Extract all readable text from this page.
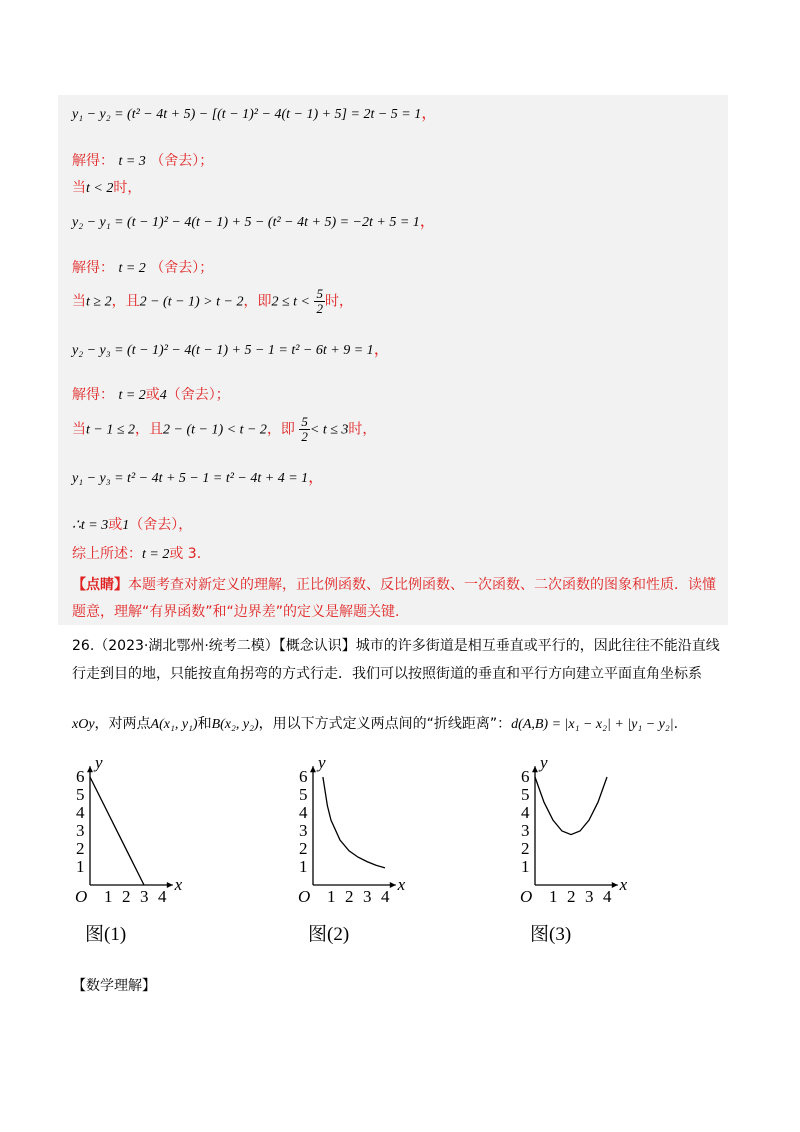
y₁ − y₂ = (t² − 4t + 5) − [(t − 1)² − 4(t − 1) + 5] = 2t − 5 = 1，
解得： t = 3 （舍去）；
当t < 2时，
y₂ − y₁ = (t − 1)² − 4(t − 1) + 5 − (t² − 4t + 5) = −2t + 5 = 1，
解得： t = 2 （舍去）；
当t ≥ 2，且2 − (t − 1) > t − 2，即$2 \le t < \frac{5}{2}$ 时，
y₂ − y₃ = (t − 1)² − 4(t − 1) + 5 − 1 = t² − 6t + 9 = 1，
解得： t = 2或4（舍去）；
当t − 1 ≤ 2，且2 − (t − 1) < t − 2，即 $\frac{5}{2} < t \le 3$时，
y₁ − y₃ = t² − 4t + 5 − 1 = t² − 4t + 4 = 1，
∴t = 3或1（舍去），
综上所述：t = 2或 3.
【点睛】本题考查对新定义的理解，正比例函数、反比例函数、一次函数、二次函数的图象和性质．读懂题意，理解“有界函数”和“边界差”的定义是解题关键.
26.（2023·湖北鄂州·统考二模）【概念认识】城市的许多街道是相互垂直或平行的，因此往往不能沿直线行走到目的地，只能按直角拐弯的方式行走．我们可以按照街道的垂直和平行方向建立平面直角坐标系
xOy，对两点A(x₁, y₁)和B(x₂, y₂)，用以下方式定义两点间的“折线距离”：d(A,B) = |x₁ − x₂| + |y₁ − y₂|.
x
y
O 1 2 3 4
1
2
3
4
5
6
图(1)
x
y
O 1 2 3 4
1
2
3
4
5
6
图(2)
x
y
O 1 2 3 4
1
2
3
4
5
6
图(3)
【数学理解】
